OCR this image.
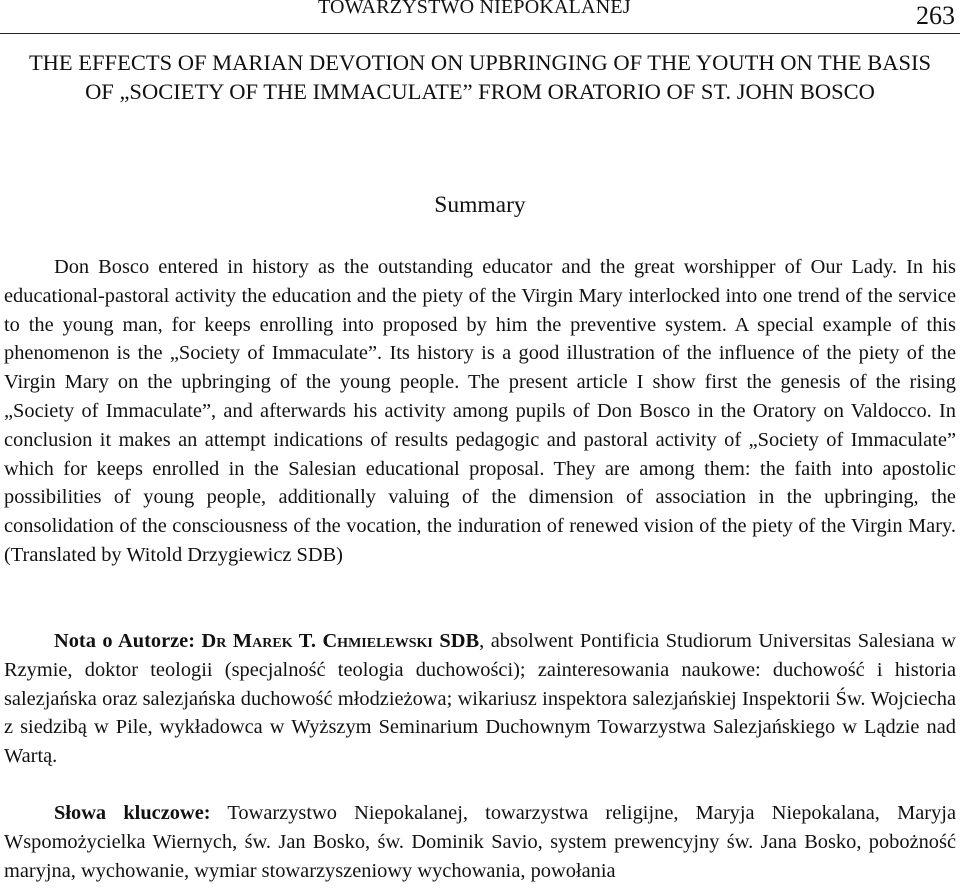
TOWARZYSTWO NIEPOKALANEJ	263
THE EFFECTS OF MARIAN DEVOTION ON UPBRINGING OF THE YOUTH ON THE BASIS OF „SOCIETY OF THE IMMACULATE” FROM ORATORIO OF ST. JOHN BOSCO
Summary

Don Bosco entered in history as the outstanding educator and the great worshipper of Our Lady. In his educational-pastoral activity the education and the piety of the Virgin Mary interlocked into one trend of the service to the young man, for keeps enrolling into proposed by him the preventive system. A special example of this phenomenon is the „Society of Immaculate”. Its history is a good illustration of the influence of the piety of the Virgin Mary on the upbringing of the young people. The present article I show first the genesis of the rising „Society of Immaculate”, and afterwards his activity among pupils of Don Bosco in the Oratory on Valdocco. In conclusion it makes an attempt indications of results pedagogic and pastoral activity of „Society of Immaculate” which for keeps enrolled in the Salesian educational proposal. They are among them: the faith into apostolic possibilities of young people, additionally valuing of the dimension of association in the upbringing, the consolidation of the consciousness of the vocation, the induration of renewed vision of the piety of the Virgin Mary. (Translated by Witold Drzygiewicz SDB)

Nota o Autorze: Dr Marek T. Chmielewski SDB, absolwent Pontificia Studiorum Universitas Salesiana w Rzymie, doktor teologii (specjalność teologia duchowości); zainteresowania naukowe: duchowość i historia salezjańska oraz salezjańska duchowość młodzieżowa; wikariusz inspektora salezjańskiej Inspektorii Św. Wojciecha z siedzibą w Pile, wykładowca w Wyższym Seminarium Duchownym Towarzystwa Salezjańskiego w Lądzie nad Wartą.

Słowa kluczowe: Towarzystwo Niepokalanej, towarzystwa religijne, Maryja Niepokalana, Maryja Wspomożycielka Wiernych, św. Jan Bosko, św. Dominik Savio, system prewencyjny św. Jana Bosko, pobożność maryjna, wychowanie, wymiar stowarzyszeniowy wychowania, powołania
